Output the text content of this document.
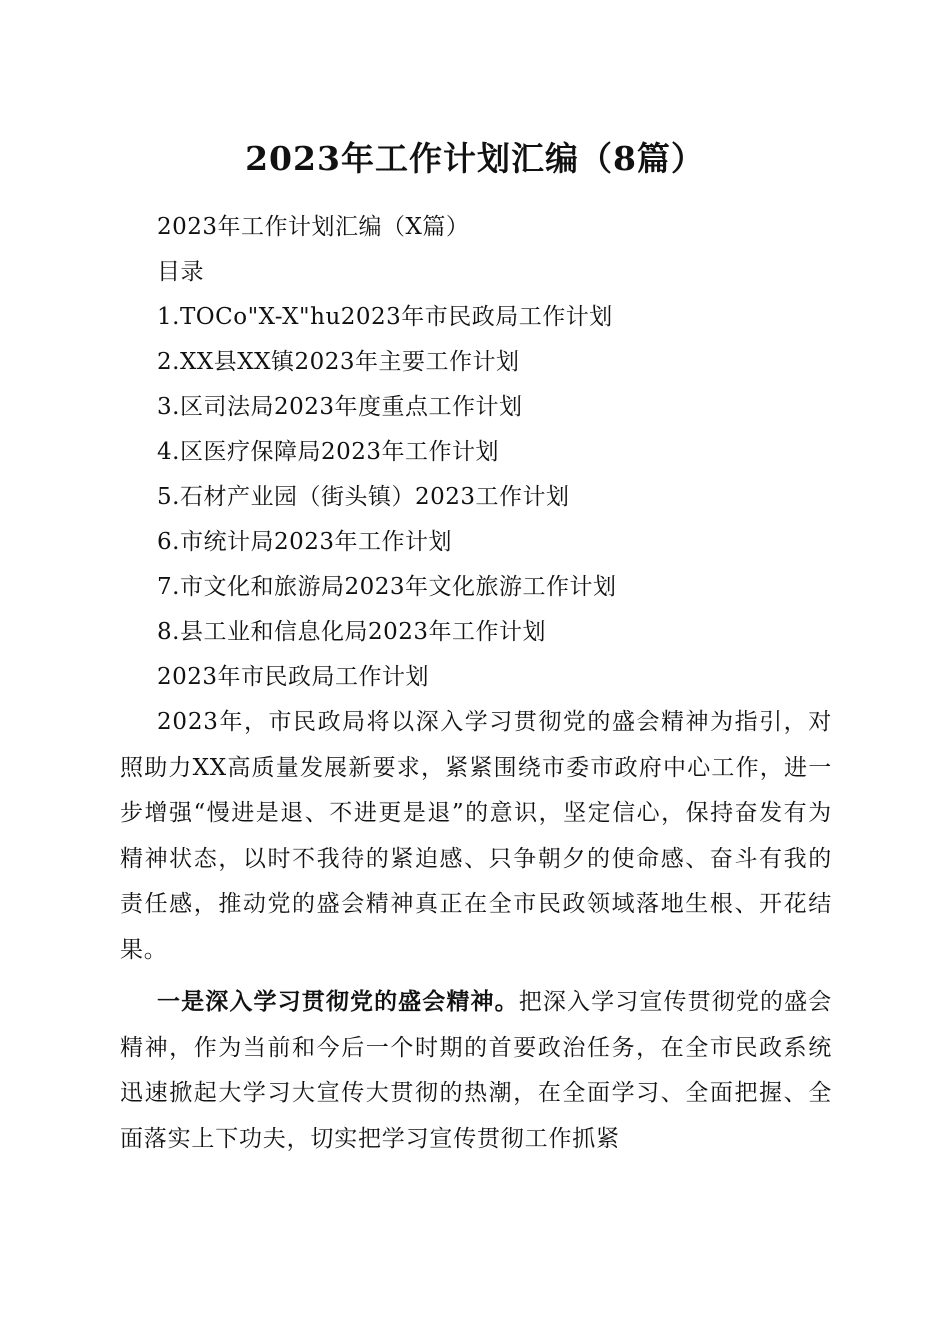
2023年工作计划汇编（8篇）
2023年工作计划汇编（X篇）
目录
1.TOCo"X-X"hu2023年市民政局工作计划
2.XX县XX镇2023年主要工作计划
3.区司法局2023年度重点工作计划
4.区医疗保障局2023年工作计划
5.石材产业园（街头镇）2023工作计划
6.市统计局2023年工作计划
7.市文化和旅游局2023年文化旅游工作计划
8.县工业和信息化局2023年工作计划
2023年市民政局工作计划

2023年，市民政局将以深入学习贯彻党的盛会精神为指引，对照助力XX高质量发展新要求，紧紧围绕市委市政府中心工作，进一步增强“慢进是退、不进更是退”的意识，坚定信心，保持奋发有为精神状态，以时不我待的紧迫感、只争朝夕的使命感、奋斗有我的责任感，推动党的盛会精神真正在全市民政领域落地生根、开花结果。

一是深入学习贯彻党的盛会精神。把深入学习宣传贯彻党的盛会精神，作为当前和今后一个时期的首要政治任务，在全市民政系统迅速掀起大学习大宣传大贯彻的热潮，在全面学习、全面把握、全面落实上下功夫，切实把学习宣传贯彻工作抓紧
